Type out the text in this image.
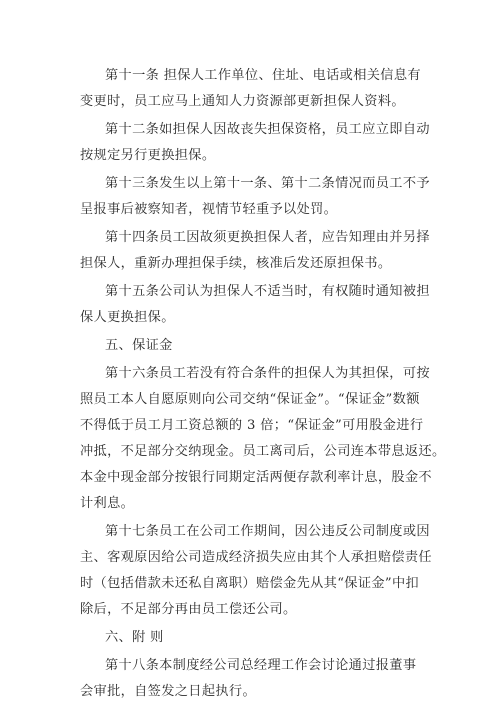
第十一条 担保人工作单位、住址、电话或相关信息有
变更时，员工应马上通知人力资源部更新担保人资料。
第十二条如担保人因故丧失担保资格，员工应立即自动
按规定另行更换担保。
第十三条发生以上第十一条、第十二条情况而员工不予
呈报事后被察知者，视情节轻重予以处罚。
第十四条员工因故须更换担保人者，应告知理由并另择
担保人，重新办理担保手续，核准后发还原担保书。
第十五条公司认为担保人不适当时，有权随时通知被担
保人更换担保。
五、保证金
第十六条员工若没有符合条件的担保人为其担保，可按
照员工本人自愿原则向公司交纳“保证金”。“保证金”数额
不得低于员工月工资总额的 3 倍；“保证金”可用股金进行
冲抵，不足部分交纳现金。员工离司后，公司连本带息返还。
本金中现金部分按银行同期定活两便存款利率计息，股金不
计利息。
第十七条员工在公司工作期间，因公违反公司制度或因
主、客观原因给公司造成经济损失应由其个人承担赔偿责任
时（包括借款未还私自离职）赔偿金先从其“保证金”中扣
除后，不足部分再由员工偿还公司。
六、附 则
第十八条本制度经公司总经理工作会讨论通过报董事
会审批，自签发之日起执行。
